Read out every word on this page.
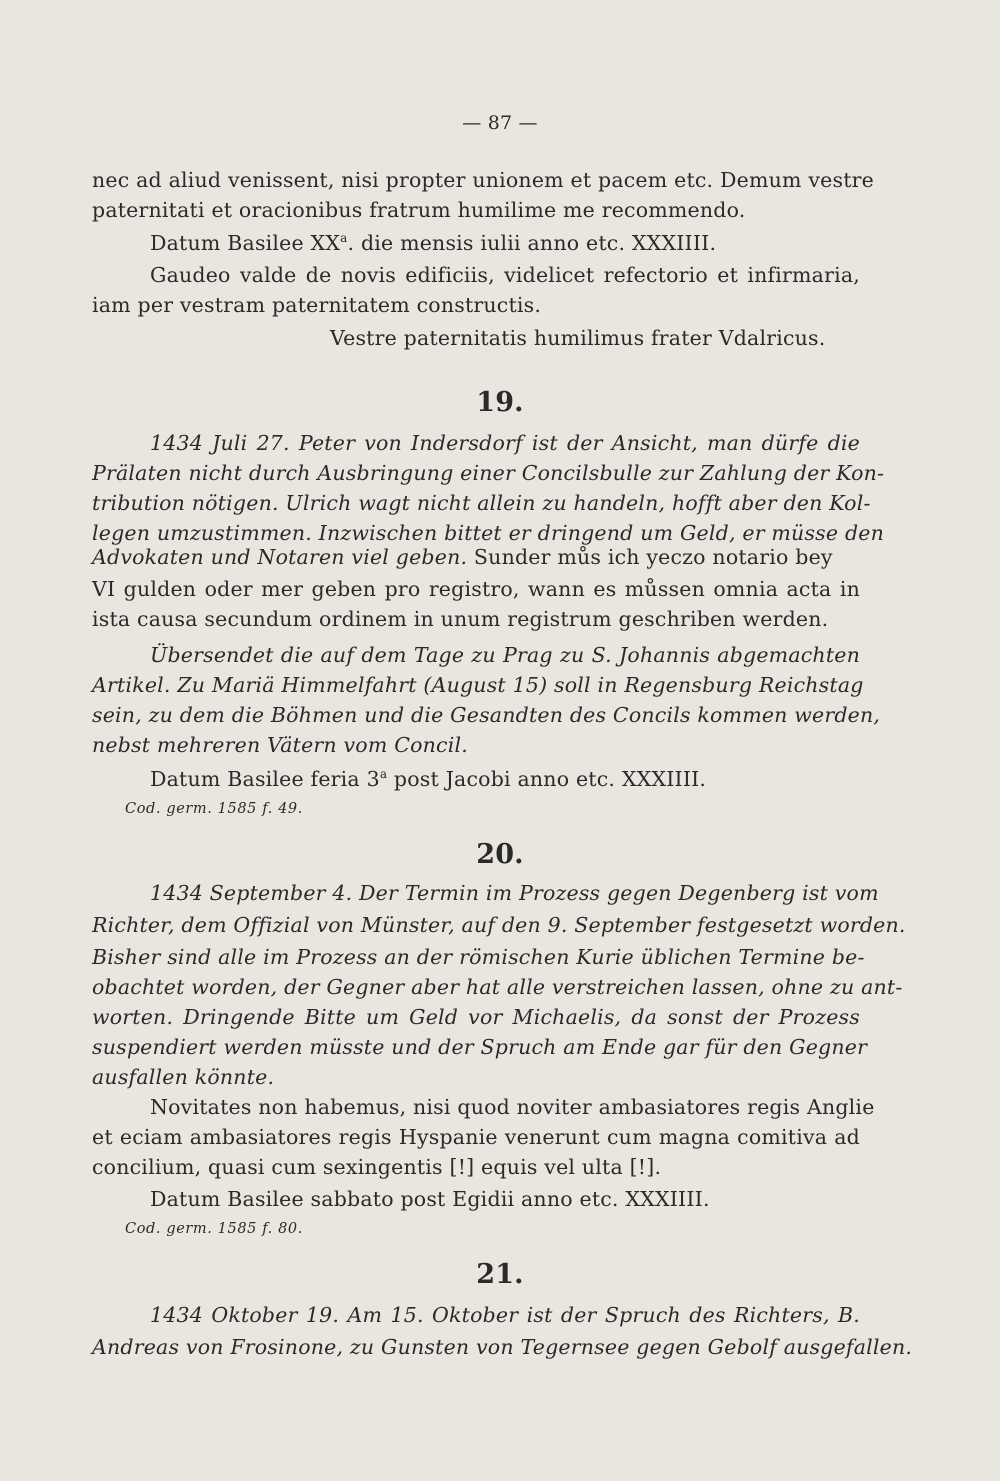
— 87 —
nec ad aliud venissent, nisi propter unionem et pacem etc. Demum vestre
paternitati et oracionibus fratrum humilime me recommendo.
Datum Basilee $XX^a$. die mensis iulii anno etc. XXXIIII.
Gaudeo valde de novis edificiis, videlicet refectorio et infirmaria,
iam per vestram paternitatem constructis.
Vestre paternitatis humilimus frater Vdalricus.
19.
1434 Juli 27. Peter von Indersdorf ist der Ansicht, man dürfe die
Prälaten nicht durch Ausbringung einer Concilsbulle zur Zahlung der Kon-
tribution nötigen. Ulrich wagt nicht allein zu handeln, hofft aber den Kol-
legen umzustimmen. Inzwischen bittet er dringend um Geld, er müsse den
Advokaten und Notaren viel geben. Sunder můs ich yeczo notario bey
VI gulden oder mer geben pro registro, wann es můssen omnia acta in
ista causa secundum ordinem in unum registrum geschriben werden.
Übersendet die auf dem Tage zu Prag zu S. Johannis abgemachten
Artikel. Zu Mariä Himmelfahrt (August 15) soll in Regensburg Reichstag
sein, zu dem die Böhmen und die Gesandten des Concils kommen werden,
nebst mehreren Vätern vom Concil.
Datum Basilee feria 3$^a$ post Jacobi anno etc. XXXIIII.
Cod. germ. 1585 f. 49.
20.
1434 September 4. Der Termin im Prozess gegen Degenberg ist vom
Richter, dem Offizial von Münster, auf den 9. September festgesetzt worden.
Bisher sind alle im Prozess an der römischen Kurie üblichen Termine be-
obachtet worden, der Gegner aber hat alle verstreichen lassen, ohne zu ant-
worten. Dringende Bitte um Geld vor Michaelis, da sonst der Prozess
suspendiert werden müsste und der Spruch am Ende gar für den Gegner
ausfallen könnte.
Novitates non habemus, nisi quod noviter ambasiatores regis Anglie
et eciam ambasiatores regis Hyspanie venerunt cum magna comitiva ad
concilium, quasi cum sexingentis [!] equis vel ulta [!].
Datum Basilee sabbato post Egidii anno etc. XXXIIII.
Cod. germ. 1585 f. 80.
21.
1434 Oktober 19. Am 15. Oktober ist der Spruch des Richters, B.
Andreas von Frosinone, zu Gunsten von Tegernsee gegen Gebolf ausgefallen.
